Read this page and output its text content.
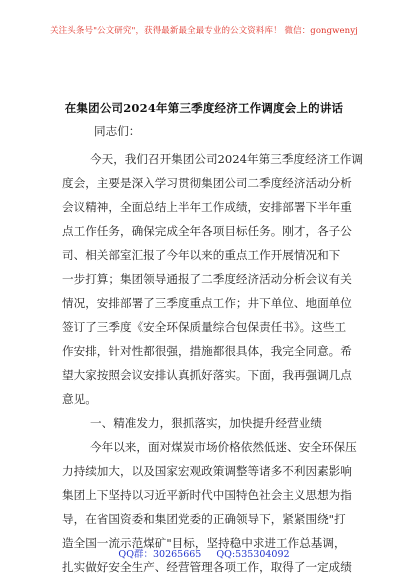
关注头条号"公文研究"，获得最新最全最专业的公文资料库！ 微信：gongwenyj
在集团公司2024年第三季度经济工作调度会上的讲话
同志们：
今天，我们召开集团公司2024年第三季度经济工作调
度会，主要是深入学习贯彻集团公司二季度经济活动分析
会议精神，全面总结上半年工作成绩，安排部署下半年重
点工作任务，确保完成全年各项目标任务。刚才，各子公
司、相关部室汇报了今年以来的重点工作开展情况和下
一步打算；集团领导通报了二季度经济活动分析会议有关
情况，安排部署了三季度重点工作；井下单位、地面单位
签订了三季度《安全环保质量综合包保责任书》。这些工
作安排，针对性都很强，措施都很具体，我完全同意。希
望大家按照会议安排认真抓好落实。下面，我再强调几点
意见。
一、精准发力，狠抓落实，加快提升经营业绩
今年以来，面对煤炭市场价格依然低迷、安全环保压
力持续加大，以及国家宏观政策调整等诸多不利因素影响
集团上下坚持以习近平新时代中国特色社会主义思想为指
导，在省国资委和集团党委的正确领导下，紧紧围绕"打
造全国一流示范煤矿"目标，坚持稳中求进工作总基调，
扎实做好安全生产、经营管理各项工作，取得了一定成绩
QQ群：30265665 QQ:535304092
